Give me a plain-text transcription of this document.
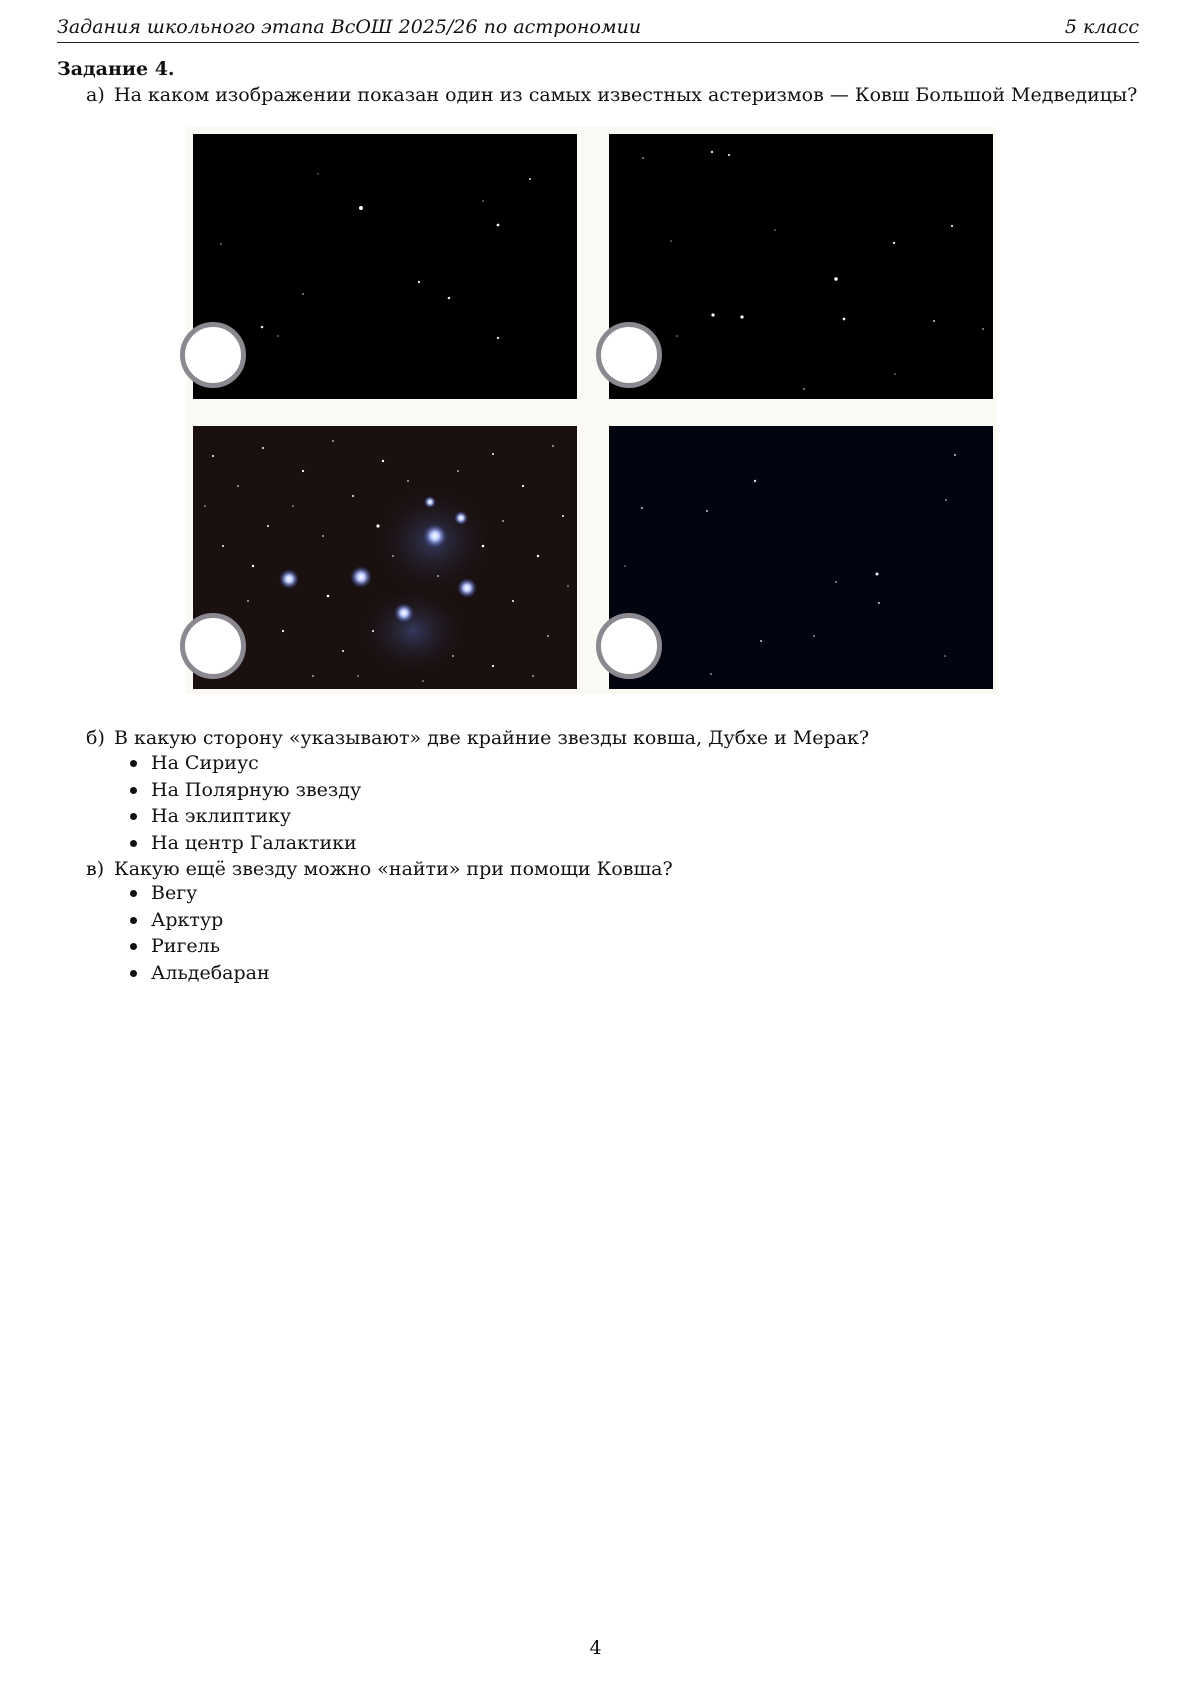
Задания школьного этапа ВсОШ 2025/26 по астрономии	5 класс
Задание 4.
а) На каком изображении показан один из самых известных астеризмов — Ковш Большой Медведицы?
б) В какую сторону «указывают» две крайние звезды ковша, Дубхе и Мерак?
На Сириус
На Полярную звезду
На эклиптику
На центр Галактики
в) Какую ещё звезду можно «найти» при помощи Ковша?
Вегу
Арктур
Ригель
Альдебаран
4
